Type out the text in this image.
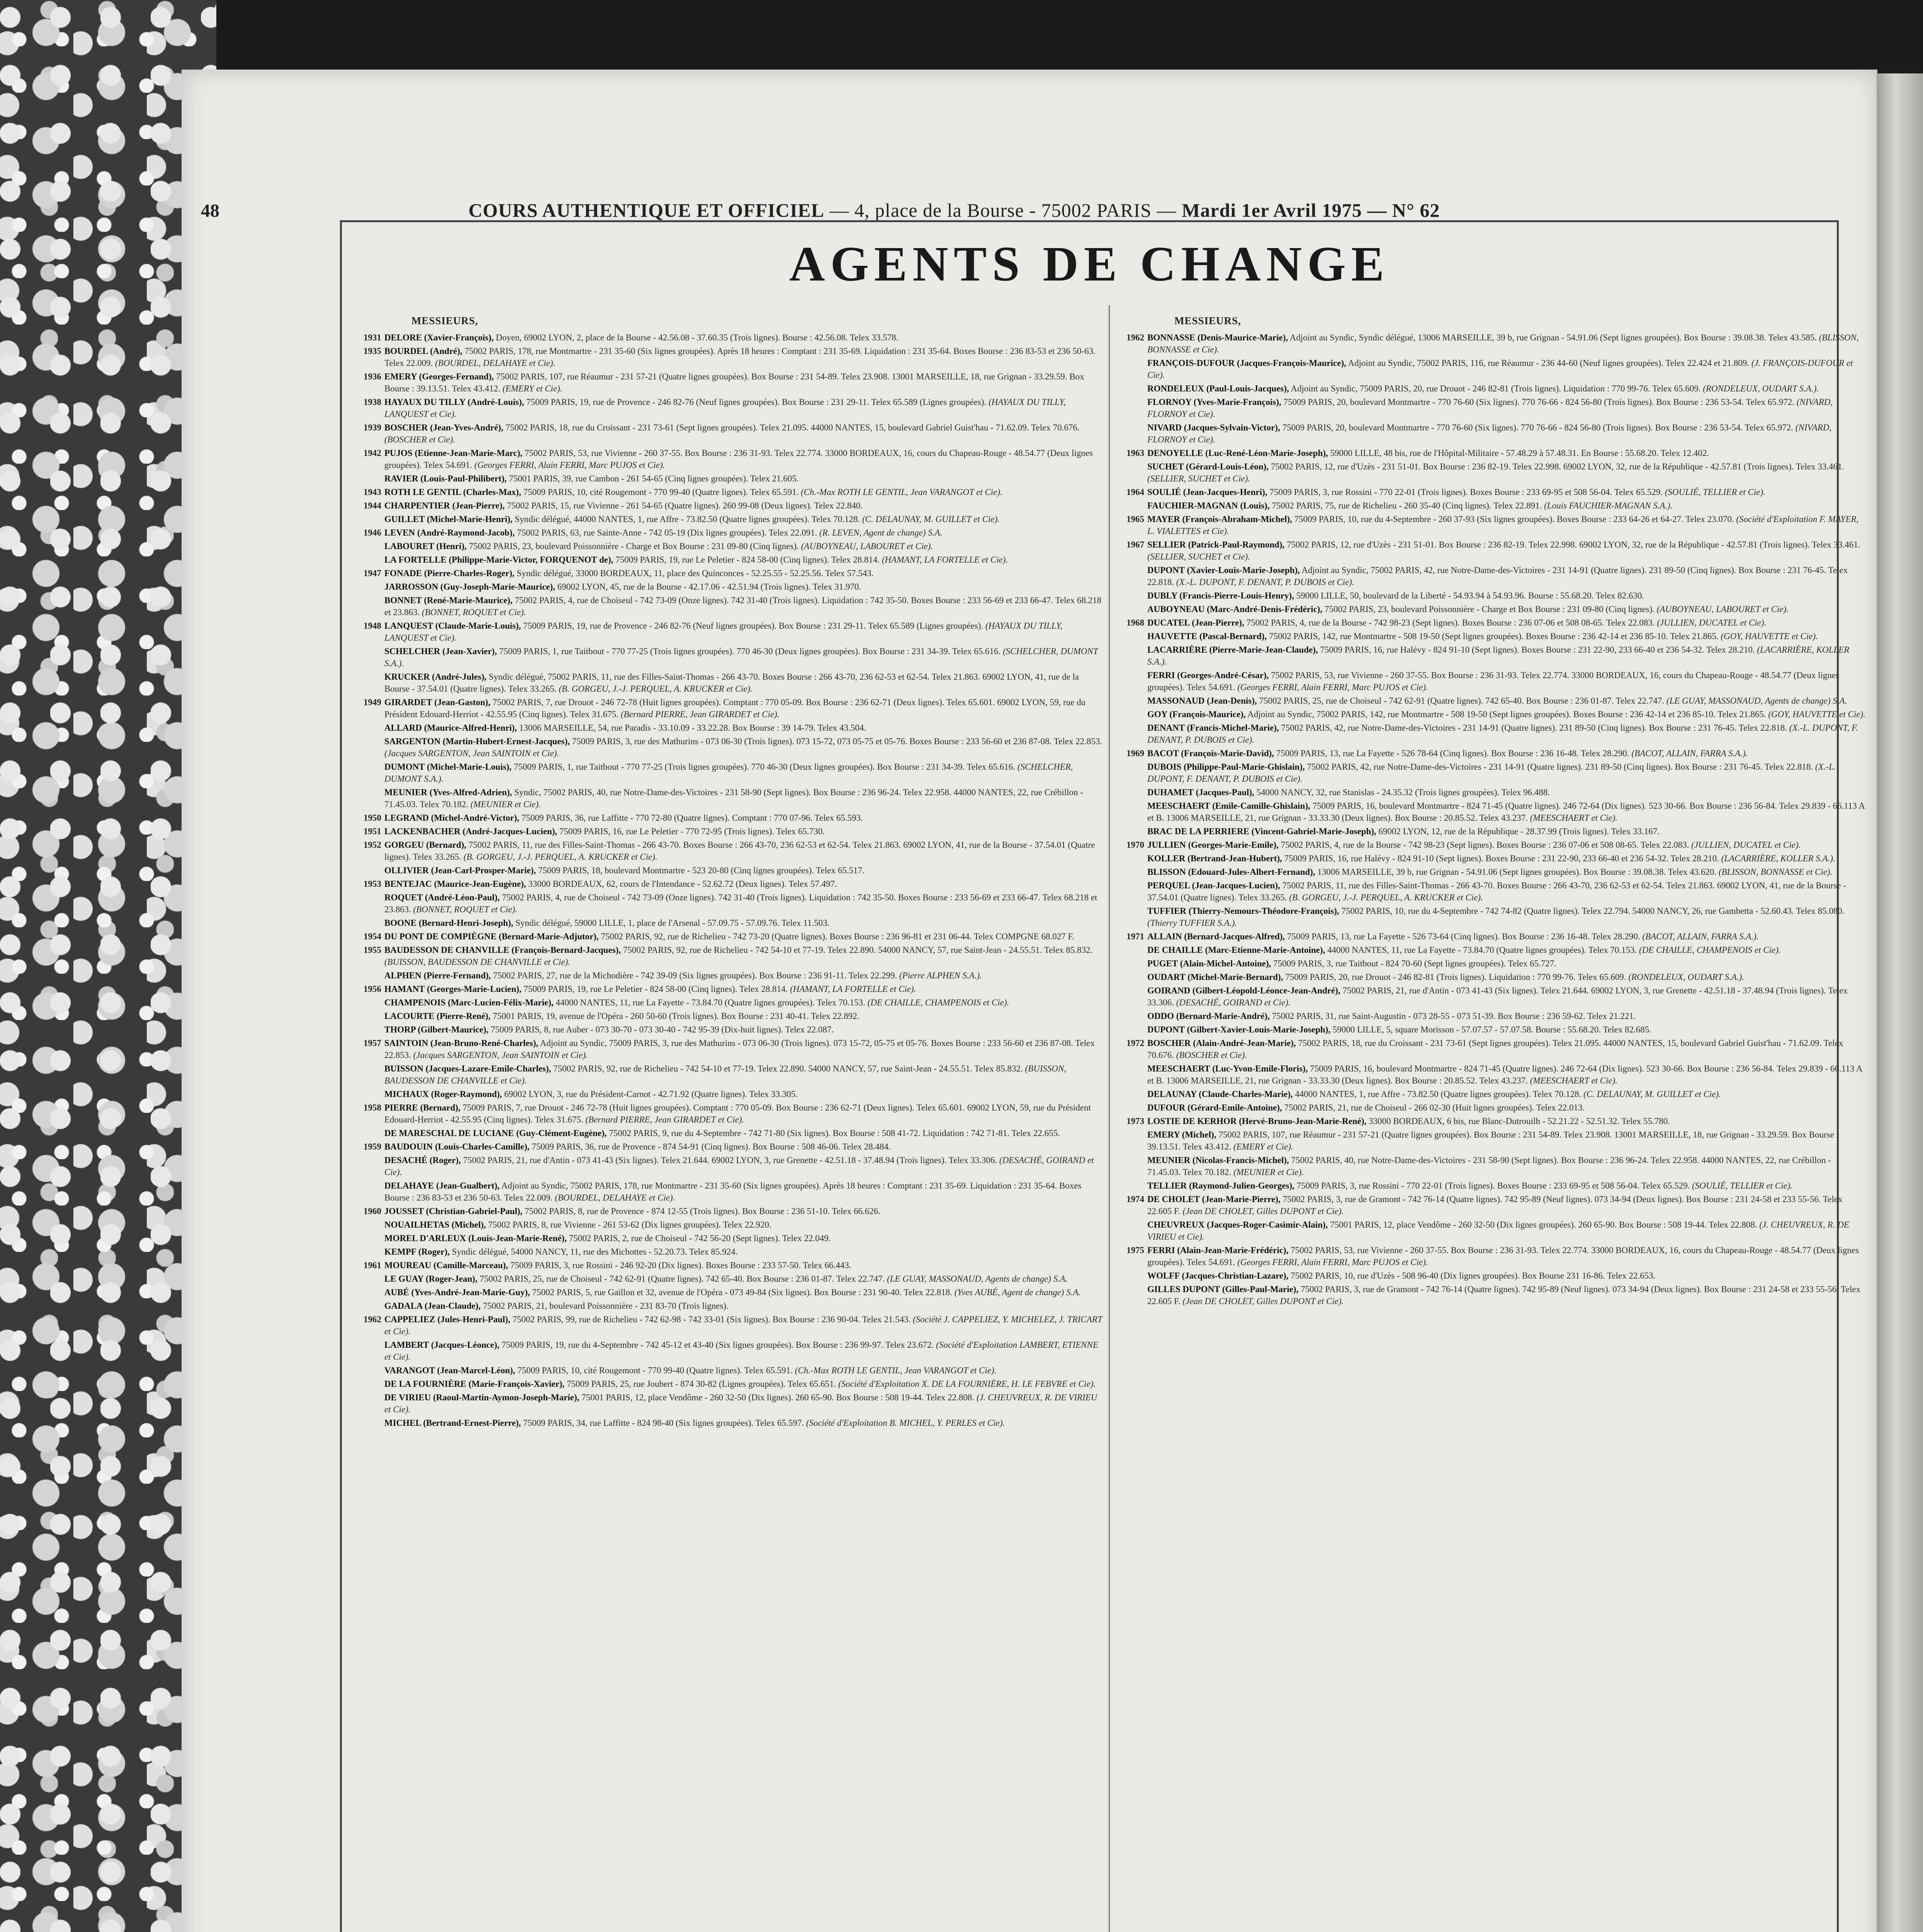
48	COURS AUTHENTIQUE ET OFFICIEL — 4, place de la Bourse - 75002 PARIS — Mardi 1er Avril 1975 — N° 62
AGENTS DE CHANGE
MESSIEURS,
1931 DELORE (Xavier-François), Doyen, 69002 LYON, 2, place de la Bourse - 42.56.08 - 37.60.35 (Trois lignes). Bourse : 42.56.08. Telex 33.578.
1935 BOURDEL (André), 75002 PARIS, 178, rue Montmartre - 231 35-60 (Six lignes groupées). Après 18 heures : Comptant : 231 35-69. Liquidation : 231 35-64. Boxes Bourse : 236 83-53 et 236 50-63. Telex 22.009. (BOURDEL, DELAHAYE et Cie).
1936 EMERY (Georges-Fernand), 75002 PARIS, 107, rue Réaumur - 231 57-21 (Quatre lignes groupées). Box Bourse : 231 54-89. Telex 23.908. 13001 MARSEILLE, 18, rue Grignan - 33.29.59. Box Bourse : 39.13.51. Telex 43.412. (EMERY et Cie).
1938 HAYAUX DU TILLY (André-Louis), 75009 PARIS, 19, rue de Provence - 246 82-76 (Neuf lignes groupées). Box Bourse : 231 29-11. Telex 65.589 (Lignes groupées). (HAYAUX DU TILLY, LANQUEST et Cie).
1939 BOSCHER (Jean-Yves-André), 75002 PARIS, 18, rue du Croissant - 231 73-61 (Sept lignes groupées). Telex 21.095. 44000 NANTES, 15, boulevard Gabriel Guist'hau - 71.62.09. Telex 70.676. (BOSCHER et Cie).
1942 PUJOS (Etienne-Jean-Marie-Marc), 75002 PARIS, 53, rue Vivienne - 260 37-55. Box Bourse : 236 31-93. Telex 22.774. 33000 BORDEAUX, 16, cours du Chapeau-Rouge - 48.54.77 (Deux lignes groupées). Telex 54.691. (Georges FERRI, Alain FERRI, Marc PUJOS et Cie).
RAVIER (Louis-Paul-Philibert), 75001 PARIS, 39, rue Cambon - 261 54-65 (Cinq lignes groupées). Telex 21.605.
1943 ROTH LE GENTIL (Charles-Max), 75009 PARIS, 10, cité Rougemont - 770 99-40 (Quatre lignes). Telex 65.591. (Ch.-Max ROTH LE GENTIL, Jean VARANGOT et Cie).
1944 CHARPENTIER (Jean-Pierre), 75002 PARIS, 15, rue Vivienne - 261 54-65 (Quatre lignes). 260 99-08 (Deux lignes). Telex 22.840.
GUILLET (Michel-Marie-Henri), Syndic délégué, 44000 NANTES, 1, rue Affre - 73.82.50 (Quatre lignes groupées). Telex 70.128. (C. DELAUNAY, M. GUILLET et Cie).
1946 LEVEN (André-Raymond-Jacob), 75002 PARIS, 63, rue Sainte-Anne - 742 05-19 (Dix lignes groupées). Telex 22.091. (R. LEVEN, Agent de change) S.A.
LABOURET (Henri), 75002 PARIS, 23, boulevard Poissonnière - Charge et Box Bourse : 231 09-80 (Cinq lignes). (AUBOYNEAU, LABOURET et Cie).
LA FORTELLE (Philippe-Marie-Victor, FORQUENOT de), 75009 PARIS, 19, rue Le Peletier - 824 58-00 (Cinq lignes). Telex 28.814. (HAMANT, LA FORTELLE et Cie).
1947 FONADE (Pierre-Charles-Roger), Syndic délégué, 33000 BORDEAUX, 11, place des Quinconces - 52.25.55 - 52.25.56. Telex 57.543.
JARROSSON (Guy-Joseph-Marie-Maurice), 69002 LYON, 45, rue de la Bourse - 42.17.06 - 42.51.94 (Trois lignes). Telex 31.970.
BONNET (René-Marie-Maurice), 75002 PARIS, 4, rue de Choiseul - 742 73-09 (Onze lignes). 742 31-40 (Trois lignes). Liquidation : 742 35-50. Boxes Bourse : 233 56-69 et 233 66-47. Telex 68.218 et 23.863. (BONNET, ROQUET et Cie).
1948 LANQUEST (Claude-Marie-Louis), 75009 PARIS, 19, rue de Provence - 246 82-76 (Neuf lignes groupées). Box Bourse : 231 29-11. Telex 65.589 (Lignes groupées). (HAYAUX DU TILLY, LANQUEST et Cie).
SCHELCHER (Jean-Xavier), 75009 PARIS, 1, rue Taitbout - 770 77-25 (Trois lignes groupées). 770 46-30 (Deux lignes groupées). Box Bourse : 231 34-39. Telex 65.616. (SCHELCHER, DUMONT S.A.).
KRUCKER (André-Jules), Syndic délégué, 75002 PARIS, 11, rue des Filles-Saint-Thomas - 266 43-70. Boxes Bourse : 266 43-70, 236 62-53 et 62-54. Telex 21.863. 69002 LYON, 41, rue de la Bourse - 37.54.01 (Quatre lignes). Telex 33.265. (B. GORGEU, J.-J. PERQUEL, A. KRUCKER et Cie).
1949 GIRARDET (Jean-Gaston), 75002 PARIS, 7, rue Drouot - 246 72-78 (Huit lignes groupées). Comptant : 770 05-09. Box Bourse : 236 62-71 (Deux lignes). Telex 65.601. 69002 LYON, 59, rue du Président Edouard-Herriot - 42.55.95 (Cinq lignes). Telex 31.675. (Bernard PIERRE, Jean GIRARDET et Cie).
ALLARD (Maurice-Alfred-Henri), 13006 MARSEILLE, 54, rue Paradis - 33.10.09 - 33.22.28. Box Bourse : 39 14-79. Telex 43.504.
SARGENTON (Martin-Hubert-Ernest-Jacques), 75009 PARIS, 3, rue des Mathurins - 073 06-30 (Trois lignes). 073 15-72, 073 05-75 et 05-76. Boxes Bourse : 233 56-60 et 236 87-08. Telex 22.853. (Jacques SARGENTON, Jean SAINTOIN et Cie).
DUMONT (Michel-Marie-Louis), 75009 PARIS, 1, rue Taitbout - 770 77-25 (Trois lignes groupées). 770 46-30 (Deux lignes groupées). Box Bourse : 231 34-39. Telex 65.616. (SCHELCHER, DUMONT S.A.).
MEUNIER (Yves-Alfred-Adrien), Syndic, 75002 PARIS, 40, rue Notre-Dame-des-Victoires - 231 58-90 (Sept lignes). Box Bourse : 236 96-24. Telex 22.958. 44000 NANTES, 22, rue Crébillon - 71.45.03. Telex 70.182. (MEUNIER et Cie).
1950 LEGRAND (Michel-André-Victor), 75009 PARIS, 36, rue Laffitte - 770 72-80 (Quatre lignes). Comptant : 770 07-96. Telex 65.593.
1951 LACKENBACHER (André-Jacques-Lucien), 75009 PARIS, 16, rue Le Peletier - 770 72-95 (Trois lignes). Telex 65.730.
1952 GORGEU (Bernard), 75002 PARIS, 11, rue des Filles-Saint-Thomas - 266 43-70. Boxes Bourse : 266 43-70, 236 62-53 et 62-54. Telex 21.863. 69002 LYON, 41, rue de la Bourse - 37.54.01 (Quatre lignes). Telex 33.265. (B. GORGEU, J.-J. PERQUEL, A. KRUCKER et Cie).
OLLIVIER (Jean-Carl-Prosper-Marie), 75009 PARIS, 18, boulevard Montmartre - 523 20-80 (Cinq lignes groupées). Telex 65.517.
1953 BENTEJAC (Maurice-Jean-Eugène), 33000 BORDEAUX, 62, cours de l'Intendance - 52.62.72 (Deux lignes). Telex 57.497.
ROQUET (André-Léon-Paul), 75002 PARIS, 4, rue de Choiseul - 742 73-09 (Onze lignes). 742 31-40 (Trois lignes). Liquidation : 742 35-50. Boxes Bourse : 233 56-69 et 233 66-47. Telex 68.218 et 23.863. (BONNET, ROQUET et Cie).
BOONE (Bernard-Henri-Joseph), Syndic délégué, 59000 LILLE, 1, place de l'Arsenal - 57.09.75 - 57.09.76. Telex 11.503.
1954 DU PONT DE COMPIÈGNE (Bernard-Marie-Adjutor), 75002 PARIS, 92, rue de Richelieu - 742 73-20 (Quatre lignes). Boxes Bourse : 236 96-81 et 231 06-44. Telex COMPGNE 68.027 F.
1955 BAUDESSON DE CHANVILLE (François-Bernard-Jacques), 75002 PARIS, 92, rue de Richelieu - 742 54-10 et 77-19. Telex 22.890. 54000 NANCY, 57, rue Saint-Jean - 24.55.51. Telex 85.832. (BUISSON, BAUDESSON DE CHANVILLE et Cie).
ALPHEN (Pierre-Fernand), 75002 PARIS, 27, rue de la Michodière - 742 39-09 (Six lignes groupées). Box Bourse : 236 91-11. Telex 22.299. (Pierre ALPHEN S.A.).
1956 HAMANT (Georges-Marie-Lucien), 75009 PARIS, 19, rue Le Peletier - 824 58-00 (Cinq lignes). Telex 28.814. (HAMANT, LA FORTELLE et Cie).
CHAMPENOIS (Marc-Lucien-Félix-Marie), 44000 NANTES, 11, rue La Fayette - 73.84.70 (Quatre lignes groupées). Telex 70.153. (DE CHAILLE, CHAMPENOIS et Cie).
LACOURTE (Pierre-René), 75001 PARIS, 19, avenue de l'Opéra - 260 50-60 (Trois lignes). Box Bourse : 231 40-41. Telex 22.892.
THORP (Gilbert-Maurice), 75009 PARIS, 8, rue Auber - 073 30-70 - 073 30-40 - 742 95-39 (Dix-huit lignes). Telex 22.087.
1957 SAINTOIN (Jean-Bruno-René-Charles), Adjoint au Syndic, 75009 PARIS, 3, rue des Mathurins - 073 06-30 (Trois lignes). 073 15-72, 05-75 et 05-76. Boxes Bourse : 233 56-60 et 236 87-08. Telex 22.853. (Jacques SARGENTON, Jean SAINTOIN et Cie).
BUISSON (Jacques-Lazare-Emile-Charles), 75002 PARIS, 92, rue de Richelieu - 742 54-10 et 77-19. Telex 22.890. 54000 NANCY, 57, rue Saint-Jean - 24.55.51. Telex 85.832. (BUISSON, BAUDESSON DE CHANVILLE et Cie).
MICHAUX (Roger-Raymond), 69002 LYON, 3, rue du Président-Carnot - 42.71.92 (Quatre lignes). Telex 33.305.
1958 PIERRE (Bernard), 75009 PARIS, 7, rue Drouot - 246 72-78 (Huit lignes groupées). Comptant : 770 05-09. Box Bourse : 236 62-71 (Deux lignes). Telex 65.601. 69002 LYON, 59, rue du Président Edouard-Herriot - 42.55.95 (Cinq lignes). Telex 31.675. (Bernard PIERRE, Jean GIRARDET et Cie).
DE MARESCHAL DE LUCIANE (Guy-Clément-Eugène), 75002 PARIS, 9, rue du 4-Septembre - 742 71-80 (Six lignes). Box Bourse : 508 41-72. Liquidation : 742 71-81. Telex 22.655.
1959 BAUDOUIN (Louis-Charles-Camille), 75009 PARIS, 36, rue de Provence - 874 54-91 (Cinq lignes). Box Bourse : 508 46-06. Telex 28.484.
DESACHÉ (Roger), 75002 PARIS, 21, rue d'Antin - 073 41-43 (Six lignes). Telex 21.644. 69002 LYON, 3, rue Grenette - 42.51.18 - 37.48.94 (Trois lignes). Telex 33.306. (DESACHÉ, GOIRAND et Cie).
DELAHAYE (Jean-Gualbert), Adjoint au Syndic, 75002 PARIS, 178, rue Montmartre - 231 35-60 (Six lignes groupées). Après 18 heures : Comptant : 231 35-69. Liquidation : 231 35-64. Boxes Bourse : 236 83-53 et 236 50-63. Telex 22.009. (BOURDEL, DELAHAYE et Cie).
1960 JOUSSET (Christian-Gabriel-Paul), 75002 PARIS, 8, rue de Provence - 874 12-55 (Trois lignes). Box Bourse : 236 51-10. Telex 66.626.
NOUAILHETAS (Michel), 75002 PARIS, 8, rue Vivienne - 261 53-62 (Dix lignes groupées). Telex 22.920.
MOREL D'ARLEUX (Louis-Jean-Marie-René), 75002 PARIS, 2, rue de Choiseul - 742 56-20 (Sept lignes). Telex 22.049.
KEMPF (Roger), Syndic délégué, 54000 NANCY, 11, rue des Michottes - 52.20.73. Telex 85.924.
1961 MOUREAU (Camille-Marceau), 75009 PARIS, 3, rue Rossini - 246 92-20 (Dix lignes). Boxes Bourse : 233 57-50. Telex 66.443.
LE GUAY (Roger-Jean), 75002 PARIS, 25, rue de Choiseul - 742 62-91 (Quatre lignes). 742 65-40. Box Bourse : 236 01-87. Telex 22.747. (LE GUAY, MASSONAUD, Agents de change) S.A.
AUBÉ (Yves-André-Jean-Marie-Guy), 75002 PARIS, 5, rue Gaillon et 32, avenue de l'Opéra - 073 49-84 (Six lignes). Box Bourse : 231 90-40. Telex 22.818. (Yves AUBÉ, Agent de change) S.A.
GADALA (Jean-Claude), 75002 PARIS, 21, boulevard Poissonnière - 231 83-70 (Trois lignes).
1962 CAPPELIEZ (Jules-Henri-Paul), 75002 PARIS, 99, rue de Richelieu - 742 62-98 - 742 33-01 (Six lignes). Box Bourse : 236 90-04. Telex 21.543. (Société J. CAPPELIEZ, Y. MICHELEZ, J. TRICART et Cie).
LAMBERT (Jacques-Léonce), 75009 PARIS, 19, rue du 4-Septembre - 742 45-12 et 43-40 (Six lignes groupées). Box Bourse : 236 99-97. Telex 23.672. (Société d'Exploitation LAMBERT, ETIENNE et Cie).
VARANGOT (Jean-Marcel-Léon), 75009 PARIS, 10, cité Rougemont - 770 99-40 (Quatre lignes). Telex 65.591. (Ch.-Max ROTH LE GENTIL, Jean VARANGOT et Cie).
DE LA FOURNIÈRE (Marie-François-Xavier), 75009 PARIS, 25, rue Joubert - 874 30-82 (Lignes groupées). Telex 65.651. (Société d'Exploitation X. DE LA FOURNIÈRE, H. LE FEBVRE et Cie).
DE VIRIEU (Raoul-Martin-Aymon-Joseph-Marie), 75001 PARIS, 12, place Vendôme - 260 32-50 (Dix lignes). 260 65-90. Box Bourse : 508 19-44. Telex 22.808. (J. CHEUVREUX, R. DE VIRIEU et Cie).
MICHEL (Bertrand-Ernest-Pierre), 75009 PARIS, 34, rue Laffitte - 824 98-40 (Six lignes groupées). Telex 65.597. (Société d'Exploitation B. MICHEL, Y. PERLES et Cie).
MESSIEURS,
1962 BONNASSE (Denis-Maurice-Marie), Adjoint au Syndic, Syndic délégué, 13006 MARSEILLE, 39 b, rue Grignan - 54.91.06 (Sept lignes groupées). Box Bourse : 39.08.38. Telex 43.585. (BLISSON, BONNASSE et Cie).
FRANÇOIS-DUFOUR (Jacques-François-Maurice), Adjoint au Syndic, 75002 PARIS, 116, rue Réaumur - 236 44-60 (Neuf lignes groupées). Telex 22.424 et 21.809. (J. FRANÇOIS-DUFOUR et Cie).
RONDELEUX (Paul-Louis-Jacques), Adjoint au Syndic, 75009 PARIS, 20, rue Drouot - 246 82-81 (Trois lignes). Liquidation : 770 99-76. Telex 65.609. (RONDELEUX, OUDART S.A.).
FLORNOY (Yves-Marie-François), 75009 PARIS, 20, boulevard Montmartre - 770 76-60 (Six lignes). 770 76-66 - 824 56-80 (Trois lignes). Box Bourse : 236 53-54. Telex 65.972. (NIVARD, FLORNOY et Cie).
NIVARD (Jacques-Sylvain-Victor), 75009 PARIS, 20, boulevard Montmartre - 770 76-60 (Six lignes). 770 76-66 - 824 56-80 (Trois lignes). Box Bourse : 236 53-54. Telex 65.972. (NIVARD, FLORNOY et Cie).
1963 DENOYELLE (Luc-René-Léon-Marie-Joseph), 59000 LILLE, 48 bis, rue de l'Hôpital-Militaire - 57.48.29 à 57.48.31. En Bourse : 55.68.20. Telex 12.402.
SUCHET (Gérard-Louis-Léon), 75002 PARIS, 12, rue d'Uzès - 231 51-01. Box Bourse : 236 82-19. Telex 22.998. 69002 LYON, 32, rue de la République - 42.57.81 (Trois lignes). Telex 33.461. (SELLIER, SUCHET et Cie).
1964 SOULIÉ (Jean-Jacques-Henri), 75009 PARIS, 3, rue Rossini - 770 22-01 (Trois lignes). Boxes Bourse : 233 69-95 et 508 56-04. Telex 65.529. (SOULIÉ, TELLIER et Cie).
FAUCHIER-MAGNAN (Louis), 75002 PARIS, 75, rue de Richelieu - 260 35-40 (Cinq lignes). Telex 22.891. (Louis FAUCHIER-MAGNAN S.A.).
1965 MAYER (François-Abraham-Michel), 75009 PARIS, 10, rue du 4-Septembre - 260 37-93 (Six lignes groupées). Boxes Bourse : 233 64-26 et 64-27. Telex 23.070. (Société d'Exploitation F. MAYER, L. VIALETTES et Cie).
1967 SELLIER (Patrick-Paul-Raymond), 75002 PARIS, 12, rue d'Uzès - 231 51-01. Box Bourse : 236 82-19. Telex 22.998. 69002 LYON, 32, rue de la République - 42.57.81 (Trois lignes). Telex 33.461. (SELLIER, SUCHET et Cie).
DUPONT (Xavier-Louis-Marie-Joseph), Adjoint au Syndic, 75002 PARIS, 42, rue Notre-Dame-des-Victoires - 231 14-91 (Quatre lignes). 231 89-50 (Cinq lignes). Box Bourse : 231 76-45. Telex 22.818. (X.-L. DUPONT, F. DENANT, P. DUBOIS et Cie).
DUBLY (Francis-Pierre-Louis-Henry), 59000 LILLE, 50, boulevard de la Liberté - 54.93.94 à 54.93.96. Bourse : 55.68.20. Telex 82.630.
AUBOYNEAU (Marc-André-Denis-Frédéric), 75002 PARIS, 23, boulevard Poissonnière - Charge et Box Bourse : 231 09-80 (Cinq lignes). (AUBOYNEAU, LABOURET et Cie).
1968 DUCATEL (Jean-Pierre), 75002 PARIS, 4, rue de la Bourse - 742 98-23 (Sept lignes). Boxes Bourse : 236 07-06 et 508 08-65. Telex 22.083. (JULLIEN, DUCATEL et Cie).
HAUVETTE (Pascal-Bernard), 75002 PARIS, 142, rue Montmartre - 508 19-50 (Sept lignes groupées). Boxes Bourse : 236 42-14 et 236 85-10. Telex 21.865. (GOY, HAUVETTE et Cie).
LACARRIÈRE (Pierre-Marie-Jean-Claude), 75009 PARIS, 16, rue Halévy - 824 91-10 (Sept lignes). Boxes Bourse : 231 22-90, 233 66-40 et 236 54-32. Telex 28.210. (LACARRIÈRE, KOLLER S.A.).
FERRI (Georges-André-César), 75002 PARIS, 53, rue Vivienne - 260 37-55. Box Bourse : 236 31-93. Telex 22.774. 33000 BORDEAUX, 16, cours du Chapeau-Rouge - 48.54.77 (Deux lignes groupées). Telex 54.691. (Georges FERRI, Alain FERRI, Marc PUJOS et Cie).
MASSONAUD (Jean-Denis), 75002 PARIS, 25, rue de Choiseul - 742 62-91 (Quatre lignes). 742 65-40. Box Bourse : 236 01-87. Telex 22.747. (LE GUAY, MASSONAUD, Agents de change) S.A.
GOY (François-Maurice), Adjoint au Syndic, 75002 PARIS, 142, rue Montmartre - 508 19-50 (Sept lignes groupées). Boxes Bourse : 236 42-14 et 236 85-10. Telex 21.865. (GOY, HAUVETTE et Cie).
DENANT (Francis-Michel-Marie), 75002 PARIS, 42, rue Notre-Dame-des-Victoires - 231 14-91 (Quatre lignes). 231 89-50 (Cinq lignes). Box Bourse : 231 76-45. Telex 22.818. (X.-L. DUPONT, F. DENANT, P. DUBOIS et Cie).
1969 BACOT (François-Marie-David), 75009 PARIS, 13, rue La Fayette - 526 78-64 (Cinq lignes). Box Bourse : 236 16-48. Telex 28.290. (BACOT, ALLAIN, FARRA S.A.).
DUBOIS (Philippe-Paul-Marie-Ghislain), 75002 PARIS, 42, rue Notre-Dame-des-Victoires - 231 14-91 (Quatre lignes). 231 89-50 (Cinq lignes). Box Bourse : 231 76-45. Telex 22.818. (X.-L. DUPONT, F. DENANT, P. DUBOIS et Cie).
DUHAMET (Jacques-Paul), 54000 NANCY, 32, rue Stanislas - 24.35.32 (Trois lignes groupées). Telex 96.488.
MEESCHAERT (Emile-Camille-Ghislain), 75009 PARIS, 16, boulevard Montmartre - 824 71-45 (Quatre lignes). 246 72-64 (Dix lignes). 523 30-66. Box Bourse : 236 56-84. Telex 29.839 - 66.113 A et B. 13006 MARSEILLE, 21, rue Grignan - 33.33.30 (Deux lignes). Box Bourse : 20.85.52. Telex 43.237. (MEESCHAERT et Cie).
BRAC DE LA PERRIERE (Vincent-Gabriel-Marie-Joseph), 69002 LYON, 12, rue de la République - 28.37.99 (Trois lignes). Telex 33.167.
1970 JULLIEN (Georges-Marie-Emile), 75002 PARIS, 4, rue de la Bourse - 742 98-23 (Sept lignes). Boxes Bourse : 236 07-06 et 508 08-65. Telex 22.083. (JULLIEN, DUCATEL et Cie).
KOLLER (Bertrand-Jean-Hubert), 75009 PARIS, 16, rue Halévy - 824 91-10 (Sept lignes). Boxes Bourse : 231 22-90, 233 66-40 et 236 54-32. Telex 28.210. (LACARRIÈRE, KOLLER S.A.).
BLISSON (Edouard-Jules-Albert-Fernand), 13006 MARSEILLE, 39 b, rue Grignan - 54.91.06 (Sept lignes groupées). Box Bourse : 39.08.38. Telex 43.620. (BLISSON, BONNASSE et Cie).
PERQUEL (Jean-Jacques-Lucien), 75002 PARIS, 11, rue des Filles-Saint-Thomas - 266 43-70. Boxes Bourse : 266 43-70, 236 62-53 et 62-54. Telex 21.863. 69002 LYON, 41, rue de la Bourse - 37.54.01 (Quatre lignes). Telex 33.265. (B. GORGEU, J.-J. PERQUEL, A. KRUCKER et Cie).
TUFFIER (Thierry-Nemours-Théodore-François), 75002 PARIS, 10, rue du 4-Septembre - 742 74-82 (Quatre lignes). Telex 22.794. 54000 NANCY, 26, rue Gambetta - 52.60.43. Telex 85.080. (Thierry TUFFIER S.A.).
1971 ALLAIN (Bernard-Jacques-Alfred), 75009 PARIS, 13, rue La Fayette - 526 73-64 (Cinq lignes). Box Bourse : 236 16-48. Telex 28.290. (BACOT, ALLAIN, FARRA S.A.).
DE CHAILLE (Marc-Etienne-Marie-Antoine), 44000 NANTES, 11, rue La Fayette - 73.84.70 (Quatre lignes groupées). Telex 70.153. (DE CHAILLE, CHAMPENOIS et Cie).
PUGET (Alain-Michel-Antoine), 75009 PARIS, 3, rue Taitbout - 824 70-60 (Sept lignes groupées). Telex 65.727.
OUDART (Michel-Marie-Bernard), 75009 PARIS, 20, rue Drouot - 246 82-81 (Trois lignes). Liquidation : 770 99-76. Telex 65.609. (RONDELEUX, OUDART S.A.).
GOIRAND (Gilbert-Léopold-Léonce-Jean-André), 75002 PARIS, 21, rue d'Antin - 073 41-43 (Six lignes). Telex 21.644. 69002 LYON, 3, rue Grenette - 42.51.18 - 37.48.94 (Trois lignes). Telex 33.306. (DESACHÉ, GOIRAND et Cie).
ODDO (Bernard-Marie-André), 75002 PARIS, 31, rue Saint-Augustin - 073 28-55 - 073 51-39. Box Bourse : 236 59-62. Telex 21.221.
DUPONT (Gilbert-Xavier-Louis-Marie-Joseph), 59000 LILLE, 5, square Morisson - 57.07.57 - 57.07.58. Bourse : 55.68.20. Telex 82.685.
1972 BOSCHER (Alain-André-Jean-Marie), 75002 PARIS, 18, rue du Croissant - 231 73-61 (Sept lignes groupées). Telex 21.095. 44000 NANTES, 15, boulevard Gabriel Guist'hau - 71.62.09. Telex 70.676. (BOSCHER et Cie).
MEESCHAERT (Luc-Yvon-Emile-Floris), 75009 PARIS, 16, boulevard Montmartre - 824 71-45 (Quatre lignes). 246 72-64 (Dix lignes). 523 30-66. Box Bourse : 236 56-84. Telex 29.839 - 66.113 A et B. 13006 MARSEILLE, 21, rue Grignan - 33.33.30 (Deux lignes). Box Bourse : 20.85.52. Telex 43.237. (MEESCHAERT et Cie).
DELAUNAY (Claude-Charles-Marie), 44000 NANTES, 1, rue Affre - 73.82.50 (Quatre lignes groupées). Telex 70.128. (C. DELAUNAY, M. GUILLET et Cie).
DUFOUR (Gérard-Emile-Antoine), 75002 PARIS, 21, rue de Choiseul - 266 02-30 (Huit lignes groupées). Telex 22.013.
1973 LOSTIE DE KERHOR (Hervé-Bruno-Jean-Marie-René), 33000 BORDEAUX, 6 bis, rue Blanc-Dutrouilh - 52.21.22 - 52.51.32. Telex 55.780.
EMERY (Michel), 75002 PARIS, 107, rue Réaumur - 231 57-21 (Quatre lignes groupées). Box Bourse : 231 54-89. Telex 23.908. 13001 MARSEILLE, 18, rue Grignan - 33.29.59. Box Bourse : 39.13.51. Telex 43.412. (EMERY et Cie).
MEUNIER (Nicolas-Francis-Michel), 75002 PARIS, 40, rue Notre-Dame-des-Victoires - 231 58-90 (Sept lignes). Box Bourse : 236 96-24. Telex 22.958. 44000 NANTES, 22, rue Crébillon - 71.45.03. Telex 70.182. (MEUNIER et Cie).
TELLIER (Raymond-Julien-Georges), 75009 PARIS, 3, rue Rossini - 770 22-01 (Trois lignes). Boxes Bourse : 233 69-95 et 508 56-04. Telex 65.529. (SOULIÉ, TELLIER et Cie).
1974 DE CHOLET (Jean-Marie-Pierre), 75002 PARIS, 3, rue de Gramont - 742 76-14 (Quatre lignes). 742 95-89 (Neuf lignes). 073 34-94 (Deux lignes). Box Bourse : 231 24-58 et 233 55-56. Telex 22.605 F. (Jean DE CHOLET, Gilles DUPONT et Cie).
CHEUVREUX (Jacques-Roger-Casimir-Alain), 75001 PARIS, 12, place Vendôme - 260 32-50 (Dix lignes groupées). 260 65-90. Box Bourse : 508 19-44. Telex 22.808. (J. CHEUVREUX, R. DE VIRIEU et Cie).
1975 FERRI (Alain-Jean-Marie-Frédéric), 75002 PARIS, 53, rue Vivienne - 260 37-55. Box Bourse : 236 31-93. Telex 22.774. 33000 BORDEAUX, 16, cours du Chapeau-Rouge - 48.54.77 (Deux lignes groupées). Telex 54.691. (Georges FERRI, Alain FERRI, Marc PUJOS et Cie).
WOLFF (Jacques-Christian-Lazare), 75002 PARIS, 10, rue d'Uzès - 508 96-40 (Dix lignes groupées). Box Bourse 231 16-86. Telex 22.653.
GILLES DUPONT (Gilles-Paul-Marie), 75002 PARIS, 3, rue de Gramont - 742 76-14 (Quatre lignes). 742 95-89 (Neuf lignes). 073 34-94 (Deux lignes). Box Bourse : 231 24-58 et 233 55-56. Telex 22.605 F. (Jean DE CHOLET, Gilles DUPONT et Cie).
